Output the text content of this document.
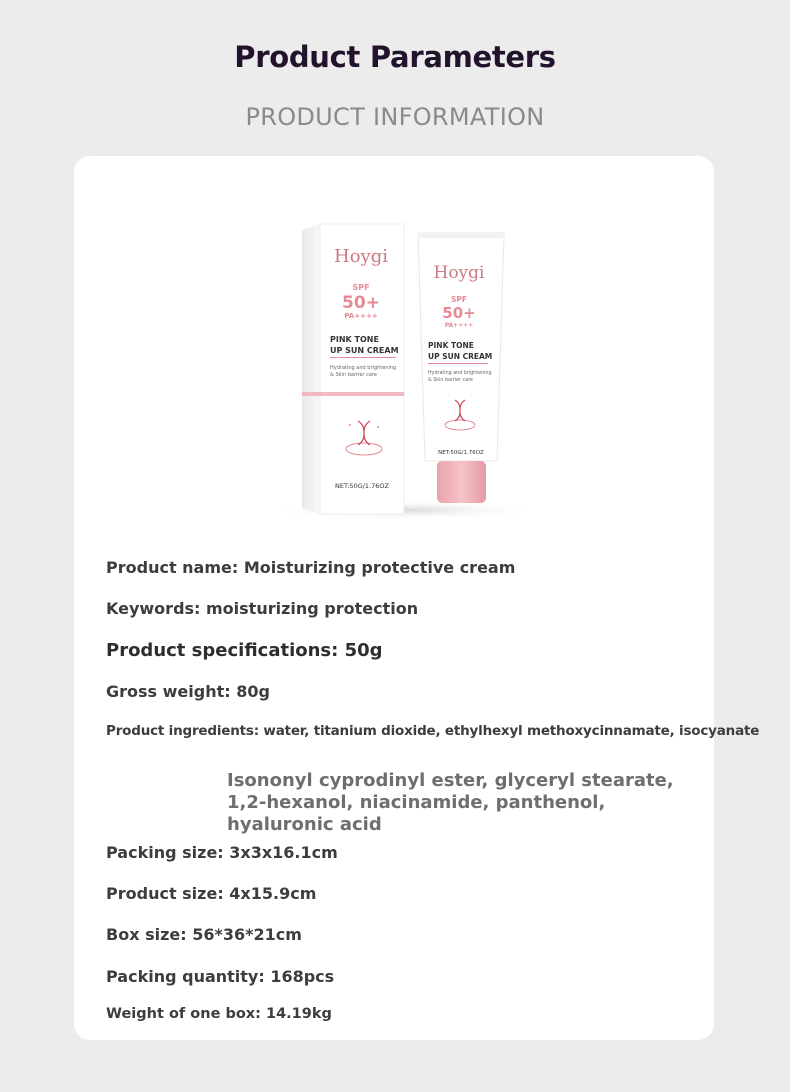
Product Parameters
PRODUCT INFORMATION
Hoygi
SPF
50+
PA++++
PINK TONE
UP SUN CREAM
Hydrating and brightening
& Skin barrier care
NET:50G/1.76OZ
Hoygi
SPF
50+
PA++++
PINK TONE
UP SUN CREAM
Hydrating and brightening
& Skin barrier care
NET:50G/1.76OZ
Product name: Moisturizing protective cream
Keywords: moisturizing protection
Product specifications: 50g
Gross weight: 80g
Product ingredients: water, titanium dioxide, ethylhexyl methoxycinnamate, isocyanate
Isononyl cyprodinyl ester, glyceryl stearate, 1,2-hexanol, niacinamide, panthenol, hyaluronic acid
Packing size: 3x3x16.1cm
Product size: 4x15.9cm
Box size: 56*36*21cm
Packing quantity: 168pcs
Weight of one box: 14.19kg
